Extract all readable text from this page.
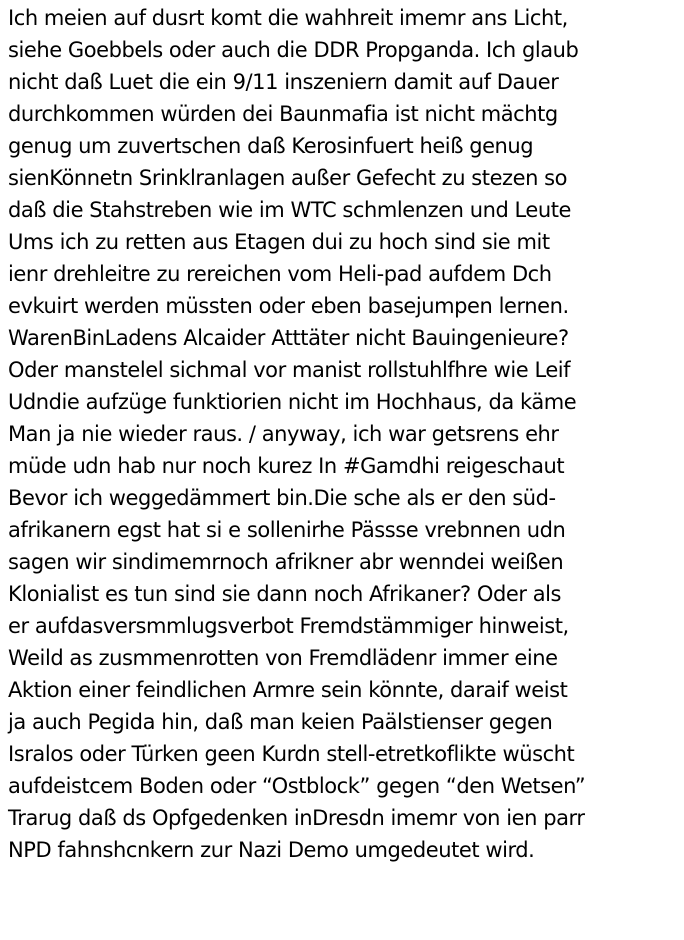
Ich meien auf dusrt komt die wahhreit imemr ans Licht,
siehe Goebbels oder auch die DDR Propganda. Ich glaub
nicht daß Luet die ein 9/11 inszeniern damit auf Dauer
durchkommen würden dei Baunmafia ist nicht mächtg
genug um zuvertschen daß Kerosinfuert heiß genug
sienKönnetn Srinklranlagen außer Gefecht zu stezen so
daß die Stahstreben wie im WTC schmlenzen und Leute
Ums ich zu retten aus Etagen dui zu hoch sind sie mit
ienr drehleitre zu rereichen vom Heli-pad aufdem Dch
evkuirt werden müssten oder eben basejumpen lernen.
WarenBinLadens Alcaider Atttäter nicht Bauingenieure?
Oder manstelel sichmal vor manist rollstuhlfhre wie Leif
Udndie aufzüge funktiorien nicht im Hochhaus, da käme
Man ja nie wieder raus. / anyway, ich war getsrens ehr
müde udn hab nur noch kurez In #Gamdhi reigeschaut
Bevor ich weggedämmert bin.Die sche als er den süd-
afrikanern egst hat si e sollenirhe Pässse vrebnnen udn
sagen wir sindimemrnoch afrikner abr wenndei weißen
Klonialist es tun sind sie dann noch Afrikaner? Oder als
er aufdasversmmlugsverbot Fremdstämmiger hinweist,
Weild as zusmmenrotten von Fremdlädenr immer eine
Aktion einer feindlichen Armre sein könnte, daraif weist
ja auch Pegida hin, daß man keien Paälstienser gegen
Isralos oder Türken geen Kurdn stell-etretkoflikte wüscht
aufdeistcem Boden oder “Ostblock” gegen “den Wetsen”
Trarug daß ds Opfgedenken inDresdn imemr von ien parr
NPD fahnshcnkern zur Nazi Demo umgedeutet wird.
